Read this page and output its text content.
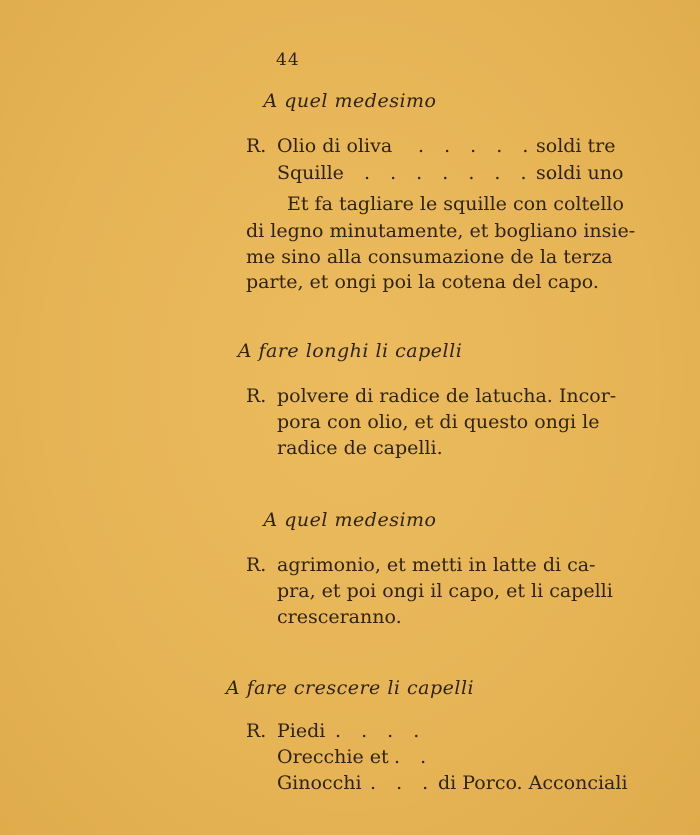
44
A quel medesimo
R. Olio di oliva . . . . . soldi tre
Squille . . . . . . . .
soldi uno
Et fa tagliare le squille con coltello
di legno minutamente, et bogliano insie-
me sino alla consumazione de la terza
parte, et ongi poi la cotena del capo.
A fare longhi li capelli
R. polvere di radice de latucha. Incor-
pora con olio, et di questo ongi le
radice de capelli.
A quel medesimo
R. agrimonio, et metti in latte di ca-
pra, et poi ongi il capo, et li capelli
cresceranno.
A fare crescere li capelli
R. Piedi . . . .
Orecchie et . .
Ginocchi . . . di Porco. Acconciali
